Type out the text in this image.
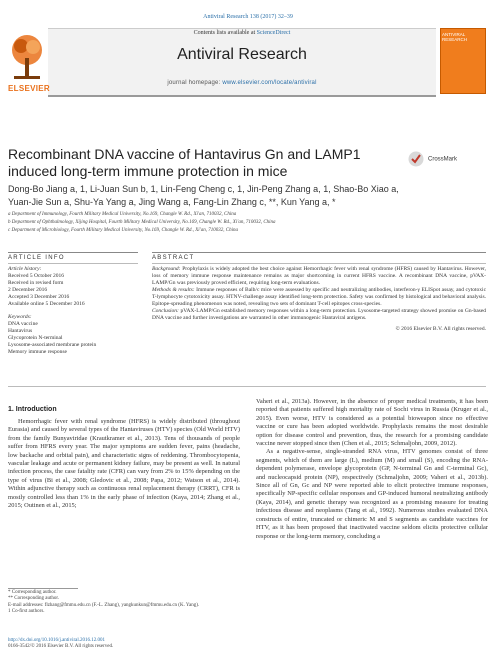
Antiviral Research 138 (2017) 32–39
Contents lists available at ScienceDirect
Antiviral Research
journal homepage: www.elsevier.com/locate/antiviral
ELSEVIER
ANTIVIRAL RESEARCH
Recombinant DNA vaccine of Hantavirus Gn and LAMP1 induced long-term immune protection in mice
CrossMark
Dong-Bo Jiang a, 1, Li-Juan Sun b, 1, Lin-Feng Cheng c, 1, Jin-Peng Zhang a, 1, Shao-Bo Xiao a,
Yuan-Jie Sun a, Shu-Ya Yang a, Jing Wang a, Fang-Lin Zhang c, **, Kun Yang a, *
a Department of Immunology, Fourth Military Medical University, No.169, Changle W. Rd., Xi'an, 710032, China
b Department of Ophthalmology, Xijing Hospital, Fourth Military Medical University, No.169, Changle W. Rd., Xi'an, 710032, China
c Department of Microbiology, Fourth Military Medical University, No.169, Changle W. Rd., Xi'an, 710032, China
ARTICLE INFO	ABSTRACT
Article history:
Received 5 October 2016
Received in revised form
2 December 2016
Accepted 3 December 2016
Available online 5 December 2016
Keywords:
DNA vaccine
Hantavirus
Glycoprotein N-terminal
Lysosome-associated membrane protein
Memory immune response
Background: Prophylaxis is widely adopted the best choice against Hemorrhagic fever with renal syndrome (HFRS) caused by Hantavirus. However, loss of memory immune response maintenance remains as major shortcoming in current HFRS vaccine. A recombinant DNA vaccine, pVAX-LAMP/Gn was previously proved efficient, requiring long-term evaluations.
Methods & results: Immune responses of Balb/c mice were assessed by specific and neutralizing antibodies, interferon-γ ELISpot assay, and cytotoxic T-lymphocyte cytotoxicity assay. HTNV-challenge assay identified long-term protection. Safety was confirmed by histological and behavioral analysis. Epitope-spreading phenomenon was noted, revealing two sets of dominant T-cell epitopes cross-species.
Conclusion: pVAX-LAMP/Gn established memory responses within a long-term protection. Lysosome-targeted strategy showed promise on Gn-based DNA vaccine and further investigations are warranted in other immunogenic Hantaviral antigens.
© 2016 Elsevier B.V. All rights reserved.
1. Introduction
Hemorrhagic fever with renal syndrome (HFRS) is widely distributed (throughout Eurasia) and caused by several types of the Hantaviruses (HTV) species (Old World HTV) from the family Bunyaviridae (Krautkramer et al., 2013). Tens of thousands of people suffer from HFRS every year. The major symptoms are sudden fever, pains (headache, low backache and orbital pain), and characteristic signs of reddening. Thrombocytopenia, vascular leakage and acute or permanent kidney failure, may be present as well. In natural infection process, the case fatality rate (CFR) can vary from 2% to 15% depending on the type of virus (Bi et al., 2008; Gledovic et al., 2008; Papa, 2012; Watson et al., 2014). Within adjunctive therapy such as continuous renal replacement therapy (CRRT), CFR is mostly controlled less than 1% in the early phase of infection (Kaya, 2014; Zhang et al., 2015; Outinen et al., 2015;
Vaheri et al., 2013a). However, in the absence of proper medical treatments, it has been reported that patients suffered high mortality rate of Sochi virus in Russia (Kruger et al., 2015). Even worse, HTV is considered as a potential bioweapon since no effective vaccine or cure has been adopted worldwide. Prophylaxis remains the most desirable option for disease control and prevention, thus, the research for a promising candidate vaccine never stopped since then (Chen et al., 2015; Schmaljohn, 2009, 2012).
As a negative-sense, single-stranded RNA virus, HTV genomes consist of three segments, which of them are large (L), medium (M) and small (S), encoding the RNA-dependent polymerase, envelope glycoprotein (GP, N-terminal Gn and C-terminal Gc), and nucleocapsid protein (NP), respectively (Schmaljohn, 2009; Vaheri et al., 2013b). Since all of Gn, Gc and NP were reported able to elicit protective immune responses, specifically NP-specific cellular responses and GP-induced humoral neutralizing antibody (Kaya, 2014), and genetic therapy was recognized as a promising measure for treating infectious disease and neoplasms (Tang et al., 1992). Numerous studies evaluated DNA constructs of entire, truncated or chimeric M and S segments as candidate vaccines for HTV, as it has been proposed that inactivated vaccine seldom elicits protective cellular response or the long-term memory, concluding a
* Corresponding author.
** Corresponding author.
E-mail addresses: flzhang@fmmu.edu.cn (F.-L. Zhang), yangkunkun@fmmu.edu.cn (K. Yang).
1 Co-first authors.
http://dx.doi.org/10.1016/j.antiviral.2016.12.001
0166-3542/© 2016 Elsevier B.V. All rights reserved.
